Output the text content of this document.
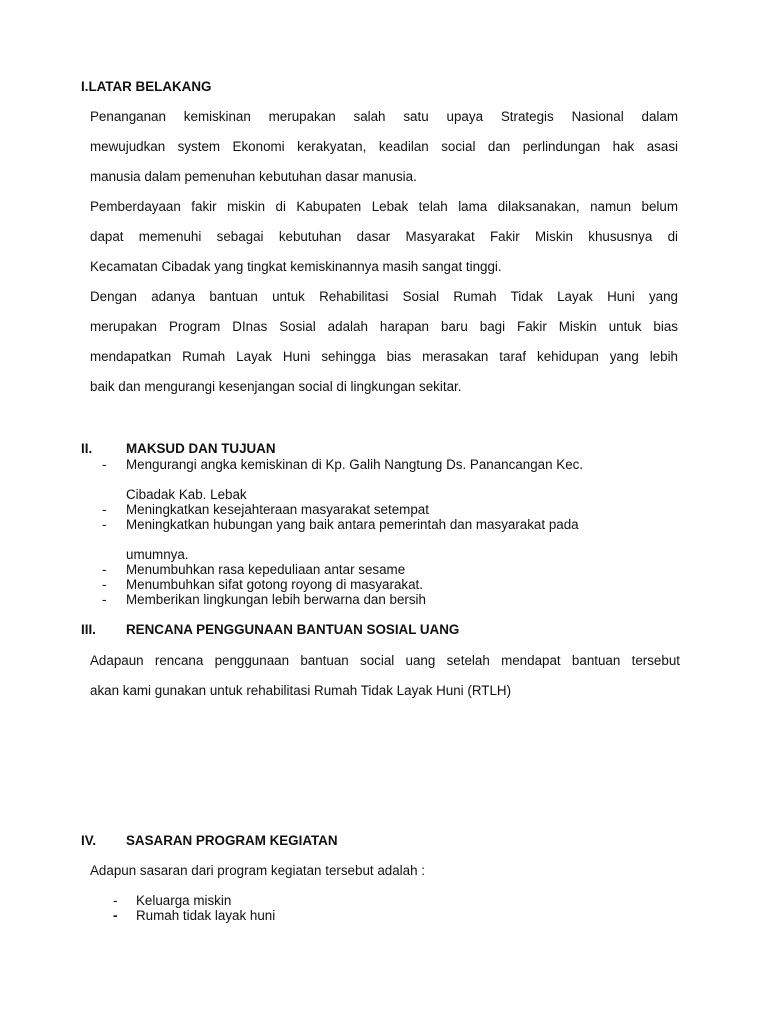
I.LATAR BELAKANG
Penanganan kemiskinan merupakan salah satu upaya Strategis Nasional dalam
mewujudkan system Ekonomi kerakyatan, keadilan social dan perlindungan hak asasi
manusia dalam pemenuhan kebutuhan dasar manusia.
Pemberdayaan fakir miskin di Kabupaten Lebak telah lama dilaksanakan, namun belum
dapat memenuhi sebagai kebutuhan dasar Masyarakat Fakir Miskin khususnya di
Kecamatan Cibadak yang tingkat kemiskinannya masih sangat tinggi.
Dengan adanya bantuan untuk Rehabilitasi Sosial Rumah Tidak Layak Huni yang
merupakan Program DInas Sosial adalah harapan baru bagi Fakir Miskin untuk bias
mendapatkan Rumah Layak Huni sehingga bias merasakan taraf kehidupan yang lebih
baik dan mengurangi kesenjangan social di lingkungan sekitar.
II.	MAKSUD DAN TUJUAN
- Mengurangi angka kemiskinan di Kp. Galih Nangtung Ds. Panancangan Kec.
Cibadak Kab. Lebak
- Meningkatkan kesejahteraan masyarakat setempat
- Meningkatkan hubungan yang baik antara pemerintah dan masyarakat pada
umumnya.
- Menumbuhkan rasa kepeduliaan antar sesame
- Menumbuhkan sifat gotong royong di masyarakat.
- Memberikan lingkungan lebih berwarna dan bersih
III. RENCANA PENGGUNAAN BANTUAN SOSIAL UANG
Adapaun rencana penggunaan bantuan social uang setelah mendapat bantuan tersebut
akan kami gunakan untuk rehabilitasi Rumah Tidak Layak Huni (RTLH)
IV. SASARAN PROGRAM KEGIATAN
Adapun sasaran dari program kegiatan tersebut adalah :
- Keluarga miskin
- Rumah tidak layak huni
